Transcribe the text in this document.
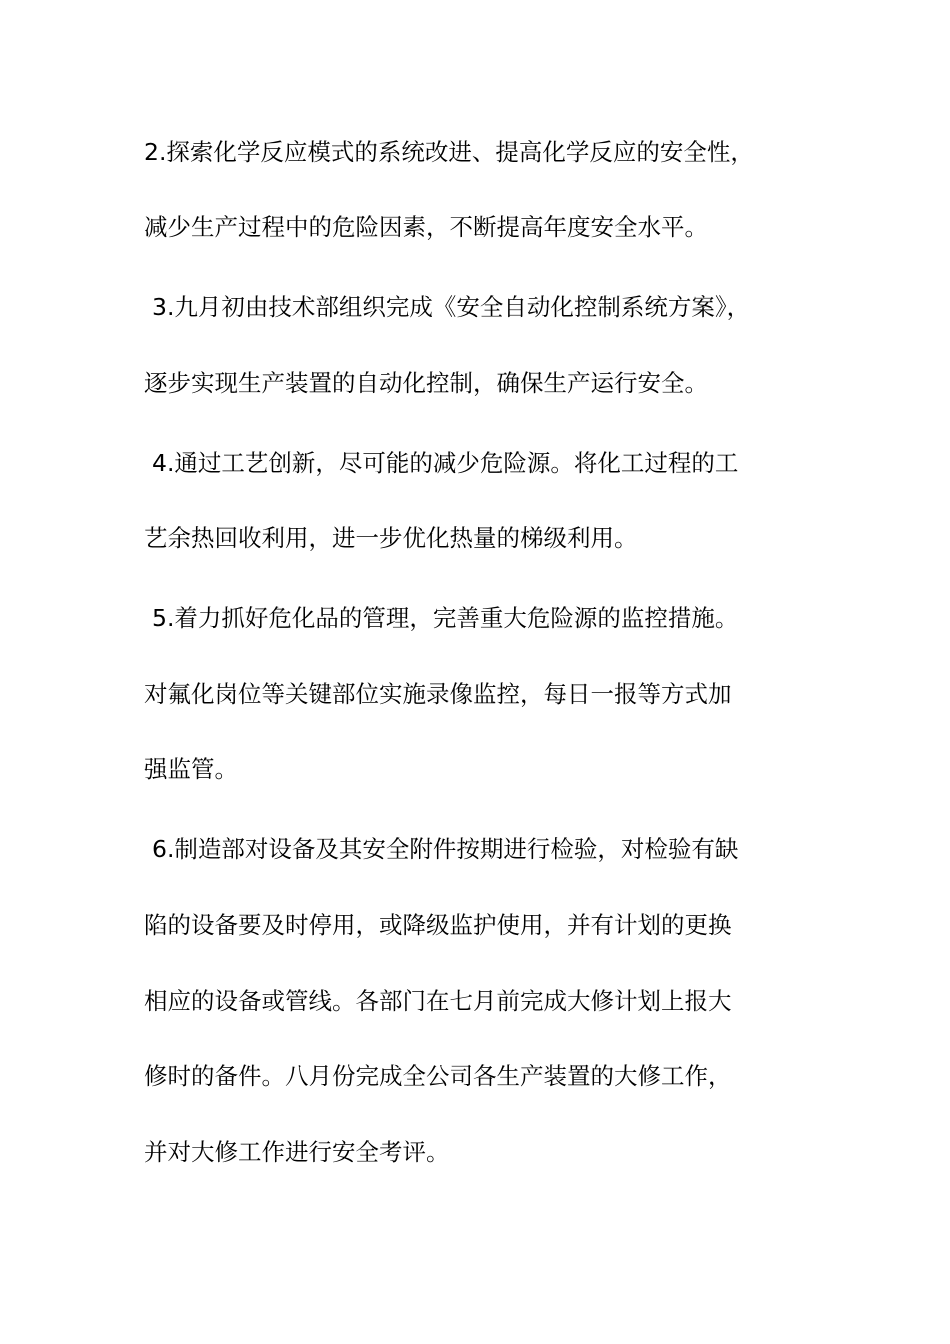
2.探索化学反应模式的系统改进、提高化学反应的安全性，
减少生产过程中的危险因素，不断提高年度安全水平。
3.九月初由技术部组织完成《安全自动化控制系统方案》，
逐步实现生产装置的自动化控制，确保生产运行安全。
4.通过工艺创新，尽可能的减少危险源。将化工过程的工
艺余热回收利用，进一步优化热量的梯级利用。
5.着力抓好危化品的管理，完善重大危险源的监控措施。
对氟化岗位等关键部位实施录像监控，每日一报等方式加
强监管。
6.制造部对设备及其安全附件按期进行检验，对检验有缺
陷的设备要及时停用，或降级监护使用，并有计划的更换
相应的设备或管线。各部门在七月前完成大修计划上报大
修时的备件。八月份完成全公司各生产装置的大修工作，
并对大修工作进行安全考评。
